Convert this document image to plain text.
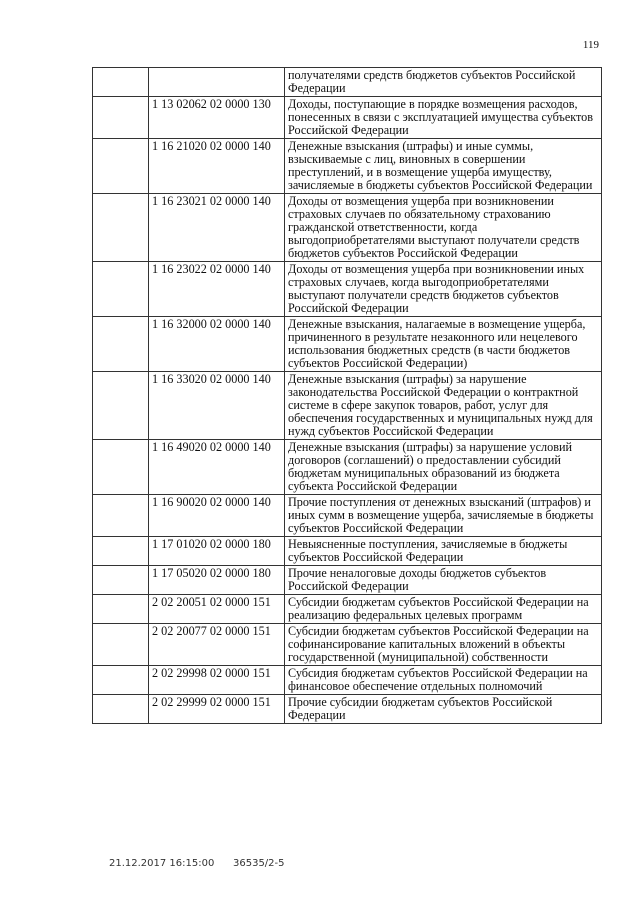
119
		получателями средств бюджетов субъектов Российской Федерации
	1 13 02062 02 0000 130	Доходы, поступающие в порядке возмещения расходов, понесенных в связи с эксплуатацией имущества субъектов Российской Федерации
	1 16 21020 02 0000 140	Денежные взыскания (штрафы) и иные суммы, взыскиваемые с лиц, виновных в совершении преступлений, и в возмещение ущерба имуществу, зачисляемые в бюджеты субъектов Российской Федерации
	1 16 23021 02 0000 140	Доходы от возмещения ущерба при возникновении страховых случаев по обязательному страхованию гражданской ответственности, когда выгодоприобретателями выступают получатели средств бюджетов субъектов Российской Федерации
	1 16 23022 02 0000 140	Доходы от возмещения ущерба при возникновении иных страховых случаев, когда выгодоприобретателями выступают получатели средств бюджетов субъектов Российской Федерации
	1 16 32000 02 0000 140	Денежные взыскания, налагаемые в возмещение ущерба, причиненного в результате незаконного или нецелевого использования бюджетных средств (в части бюджетов субъектов Российской Федерации)
	1 16 33020 02 0000 140	Денежные взыскания (штрафы) за нарушение законодательства Российской Федерации о контрактной системе в сфере закупок товаров, работ, услуг для обеспечения государственных и муниципальных нужд для нужд субъектов Российской Федерации
	1 16 49020 02 0000 140	Денежные взыскания (штрафы) за нарушение условий договоров (соглашений) о предоставлении субсидий бюджетам муниципальных образований из бюджета субъекта Российской Федерации
	1 16 90020 02 0000 140	Прочие поступления от денежных взысканий (штрафов) и иных сумм в возмещение ущерба, зачисляемые в бюджеты субъектов Российской Федерации
	1 17 01020 02 0000 180	Невыясненные поступления, зачисляемые в бюджеты субъектов Российской Федерации
	1 17 05020 02 0000 180	Прочие неналоговые доходы бюджетов субъектов Российской Федерации
	2 02 20051 02 0000 151	Субсидии бюджетам субъектов Российской Федерации на реализацию федеральных целевых программ
	2 02 20077 02 0000 151	Субсидии бюджетам субъектов Российской Федерации на софинансирование капитальных вложений в объекты государственной (муниципальной) собственности
	2 02 29998 02 0000 151	Субсидия бюджетам субъектов Российской Федерации на финансовое обеспечение отдельных полномочий
	2 02 29999 02 0000 151	Прочие субсидии бюджетам субъектов Российской Федерации
21.12.2017 16:15:00 36535/2-5
